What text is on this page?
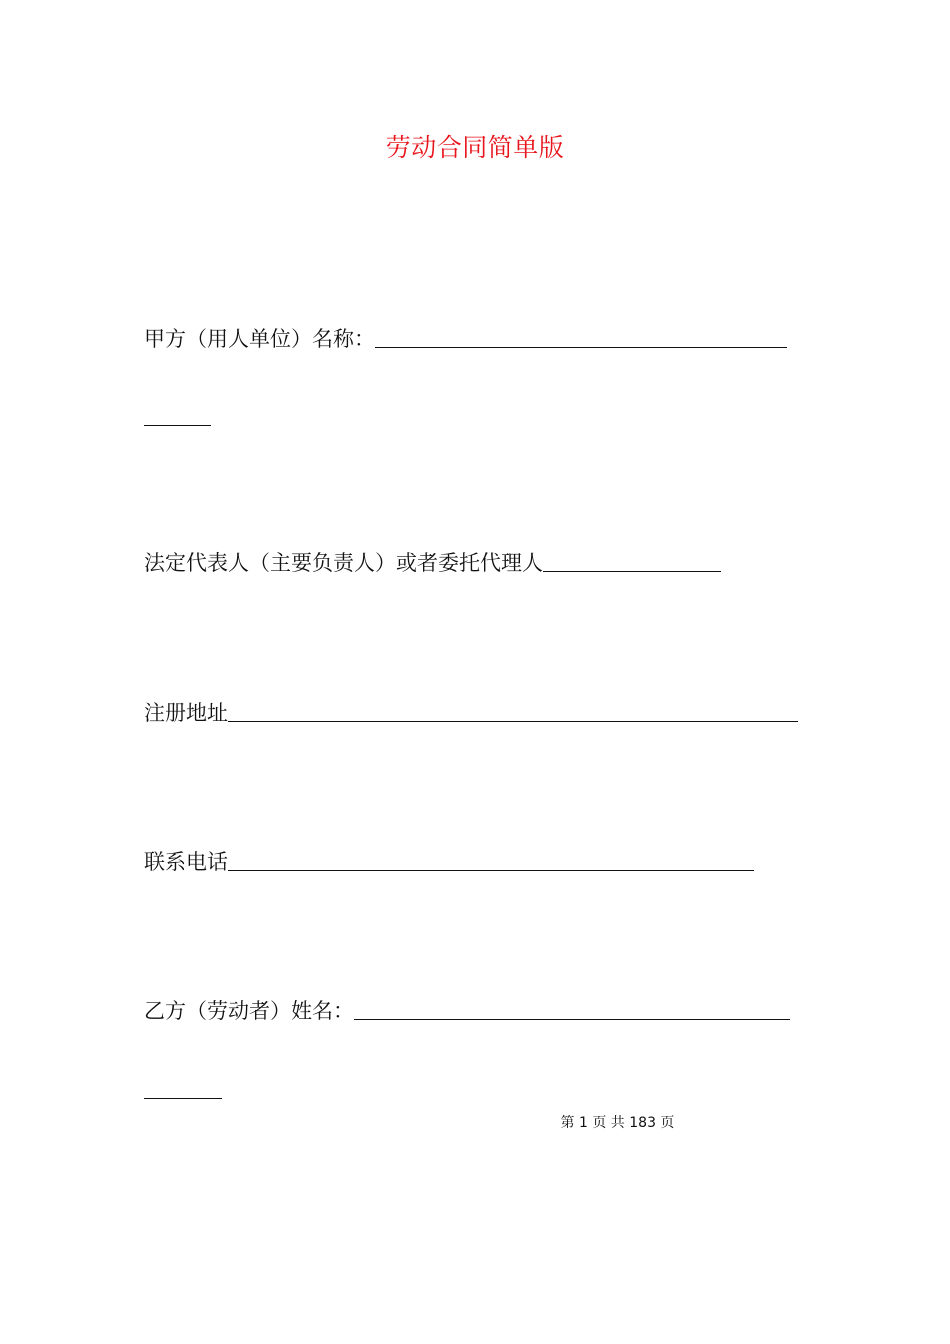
劳动合同简单版
甲方（用人单位）名称：
法定代表人（主要负责人）或者委托代理人
注册地址
联系电话
乙方（劳动者）姓名：
第 1 页 共 183 页
